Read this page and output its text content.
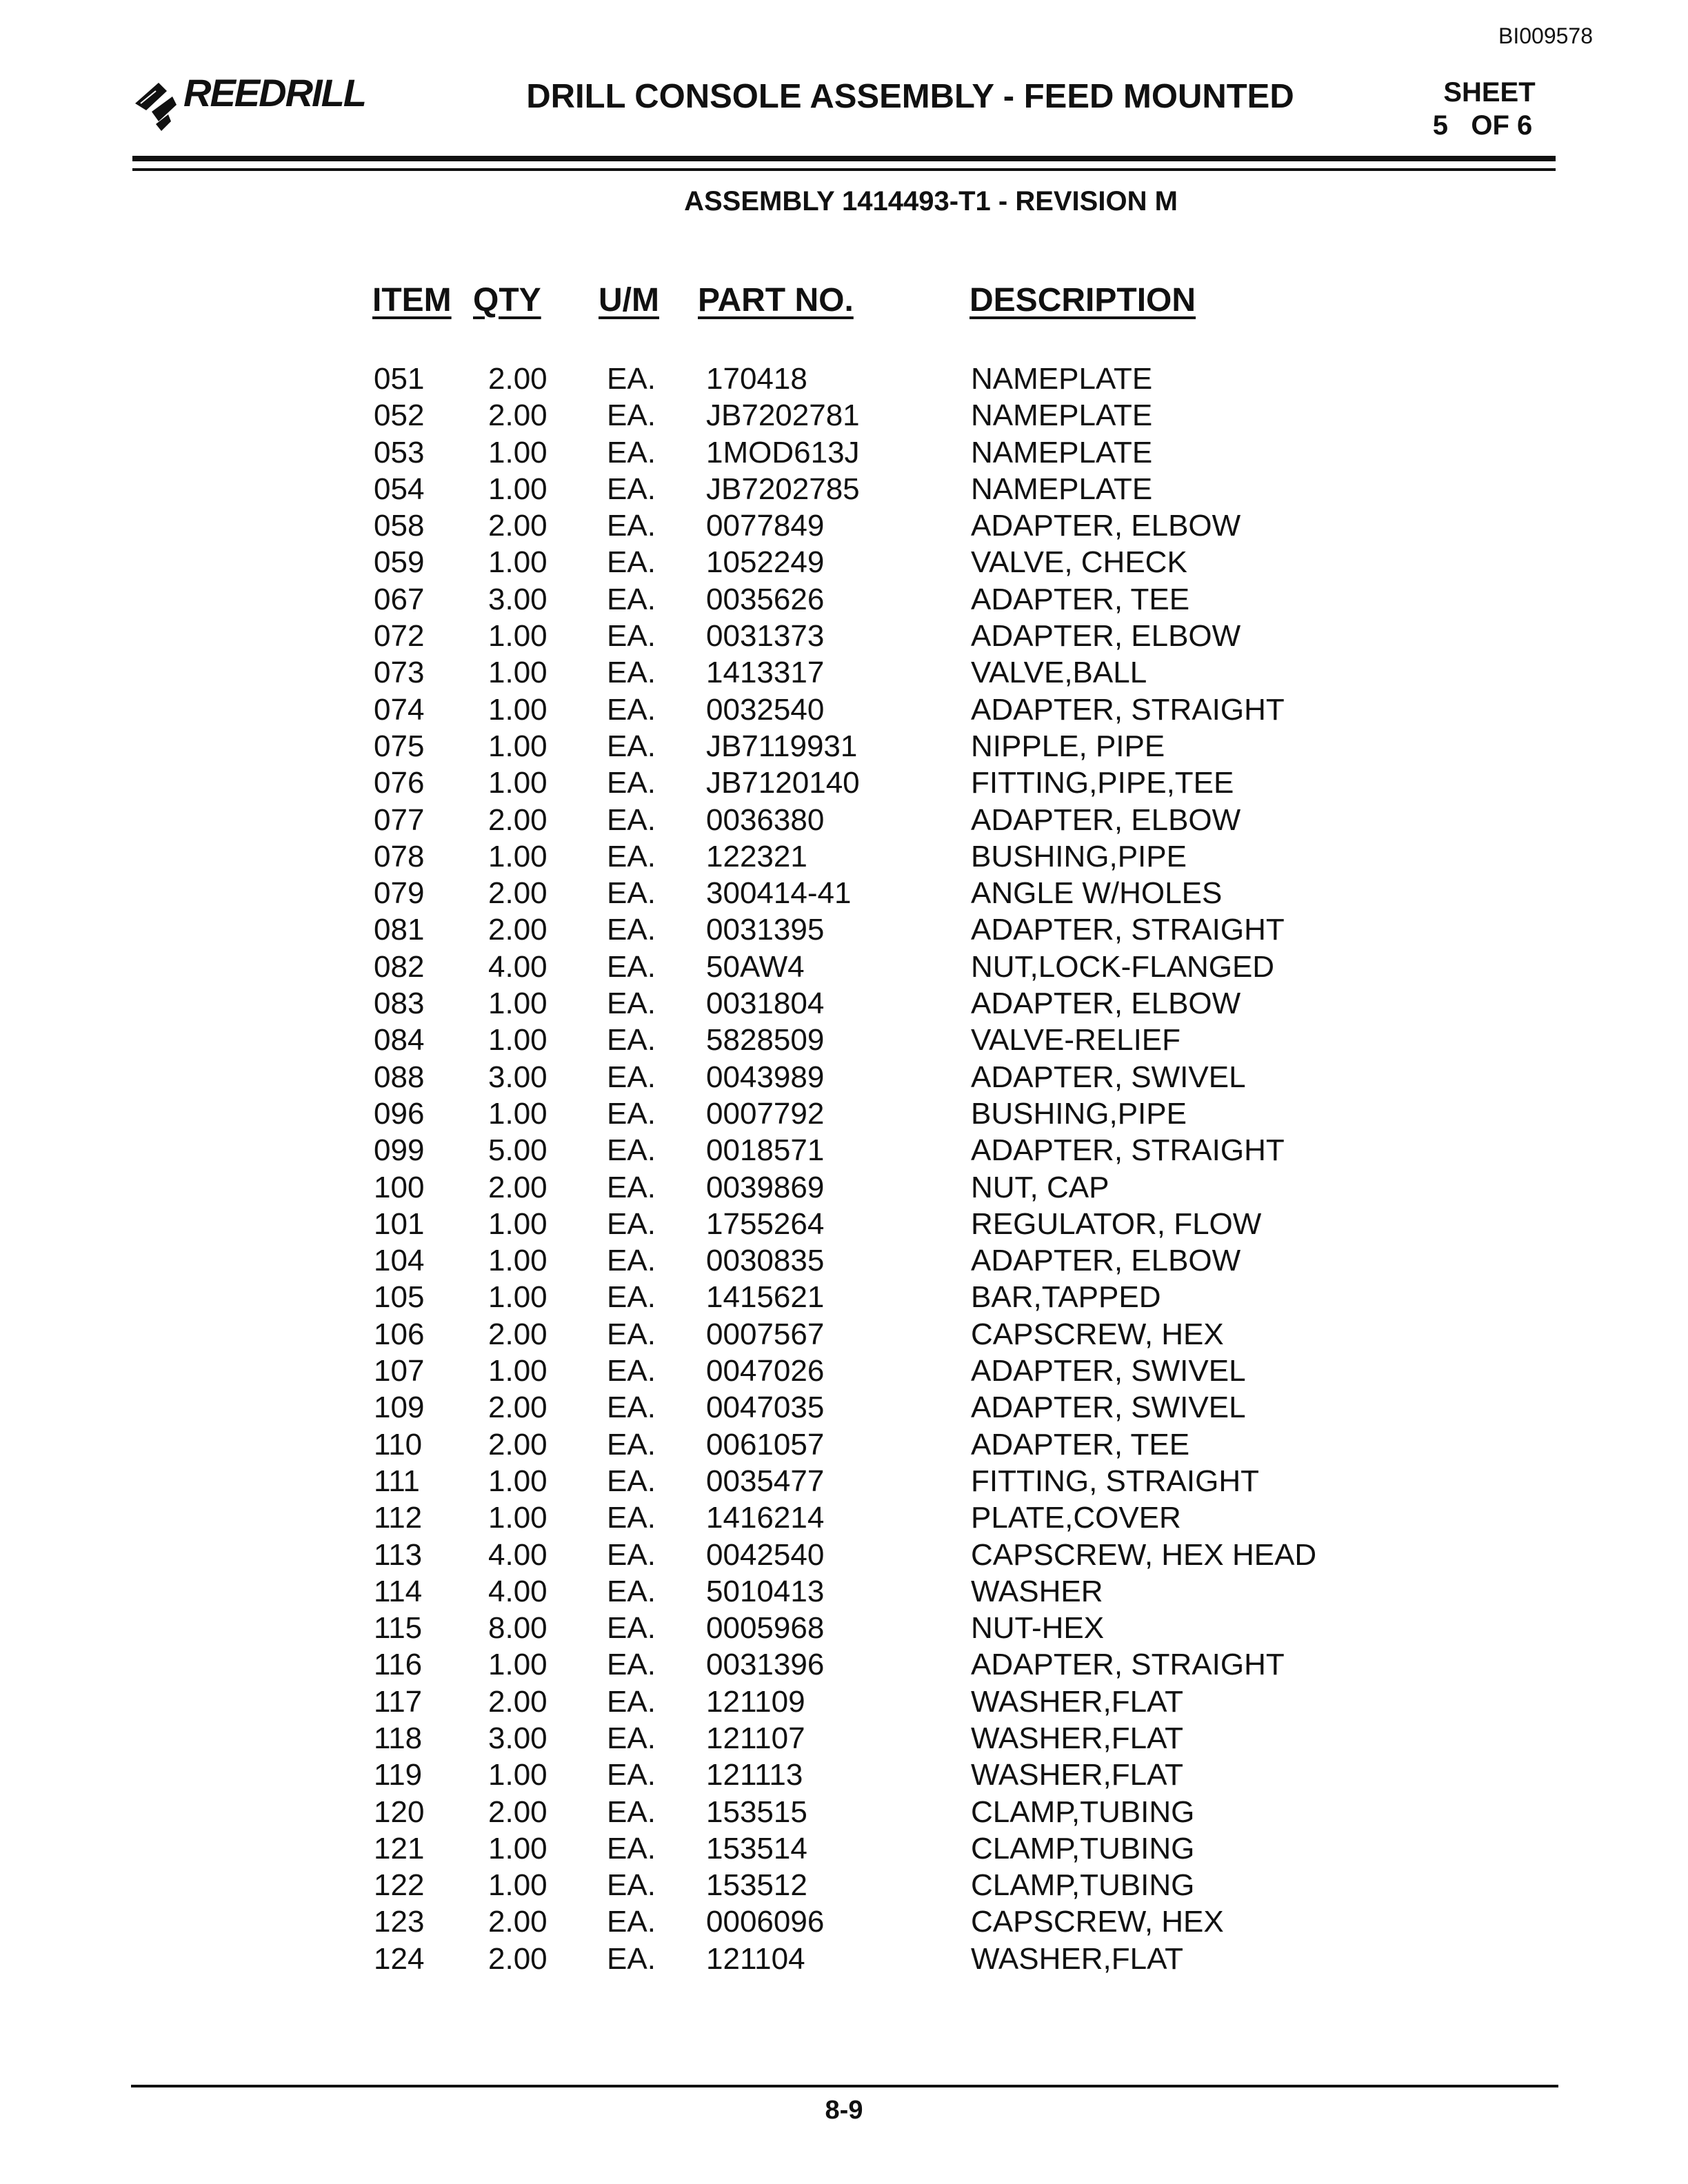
BI009578
REEDRILL	DRILL CONSOLE ASSEMBLY - FEED MOUNTED	SHEET
5   OF 6
ASSEMBLY 1414493-T1 - REVISION M
ITEM QTY U/M PART NO.	DESCRIPTION
051 2.00 EA. 170418	NAMEPLATE
052 2.00 EA. JB7202781	NAMEPLATE
053 1.00 EA. 1MOD613J	NAMEPLATE
054 1.00 EA. JB7202785	NAMEPLATE
058 2.00 EA. 0077849	ADAPTER, ELBOW
059 1.00 EA. 1052249	VALVE, CHECK
067 3.00 EA. 0035626	ADAPTER, TEE
072 1.00 EA. 0031373	ADAPTER, ELBOW
073 1.00 EA. 1413317	VALVE,BALL
074 1.00 EA. 0032540	ADAPTER, STRAIGHT
075 1.00 EA. JB7119931	NIPPLE, PIPE
076 1.00 EA. JB7120140	FITTING,PIPE,TEE
077 2.00 EA. 0036380	ADAPTER, ELBOW
078 1.00 EA. 122321	BUSHING,PIPE
079 2.00 EA. 300414-41	ANGLE W/HOLES
081 2.00 EA. 0031395	ADAPTER, STRAIGHT
082 4.00 EA. 50AW4	NUT,LOCK-FLANGED
083 1.00 EA. 0031804	ADAPTER, ELBOW
084 1.00 EA. 5828509	VALVE-RELIEF
088 3.00 EA. 0043989	ADAPTER, SWIVEL
096 1.00 EA. 0007792	BUSHING,PIPE
099 5.00 EA. 0018571	ADAPTER, STRAIGHT
100 2.00 EA. 0039869	NUT, CAP
101 1.00 EA. 1755264	REGULATOR, FLOW
104 1.00 EA. 0030835	ADAPTER, ELBOW
105 1.00 EA. 1415621	BAR,TAPPED
106 2.00 EA. 0007567	CAPSCREW, HEX
107 1.00 EA. 0047026	ADAPTER, SWIVEL
109 2.00 EA. 0047035	ADAPTER, SWIVEL
110 2.00 EA. 0061057	ADAPTER, TEE
111 1.00 EA. 0035477	FITTING, STRAIGHT
112 1.00 EA. 1416214	PLATE,COVER
113 4.00 EA. 0042540	CAPSCREW, HEX HEAD
114 4.00 EA. 5010413	WASHER
115 8.00 EA. 0005968	NUT-HEX
116 1.00 EA. 0031396	ADAPTER, STRAIGHT
117 2.00 EA. 121109	WASHER,FLAT
118 3.00 EA. 121107	WASHER,FLAT
119 1.00 EA. 121113	WASHER,FLAT
120 2.00 EA. 153515	CLAMP,TUBING
121 1.00 EA. 153514	CLAMP,TUBING
122 1.00 EA. 153512	CLAMP,TUBING
123 2.00 EA. 0006096	CAPSCREW, HEX
124 2.00 EA. 121104	WASHER,FLAT
8-9
